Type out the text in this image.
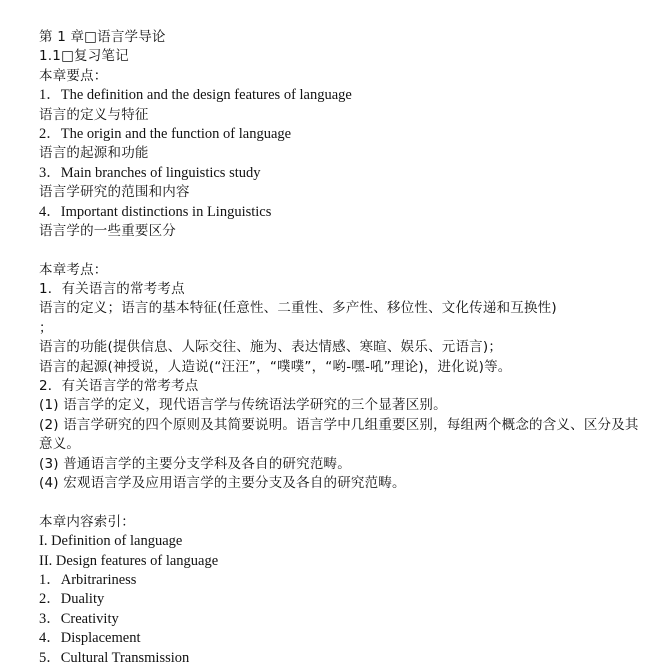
第 1 章□语言学导论
1.1□复习笔记
本章要点：
1．The definition and the design features of language
语言的定义与特征
2．The origin and the function of language
语言的起源和功能
3．Main branches of linguistics study
语言学研究的范围和内容
4．Important distinctions in Linguistics
语言学的一些重要区分
本章考点：
1．有关语言的常考考点
语言的定义；语言的基本特征(任意性、二重性、多产性、移位性、文化传递和互换性)
；
语言的功能(提供信息、人际交往、施为、表达情感、寒暄、娱乐、元语言)；
语言的起源(神授说，人造说(“汪汪”，“噗噗”，“哟-嘿-吼”理论)，进化说)等。
2．有关语言学的常考考点
(1) 语言学的定义，现代语言学与传统语法学研究的三个显著区别。
(2) 语言学研究的四个原则及其简要说明。语言学中几组重要区别，每组两个概念的含义、区分及其意义。
(3) 普通语言学的主要分支学科及各自的研究范畴。
(4) 宏观语言学及应用语言学的主要分支及各自的研究范畴。
本章内容索引：
I. Definition of language
II. Design features of language
1．Arbitrariness
2．Duality
3．Creativity
4．Displacement
5．Cultural Transmission
